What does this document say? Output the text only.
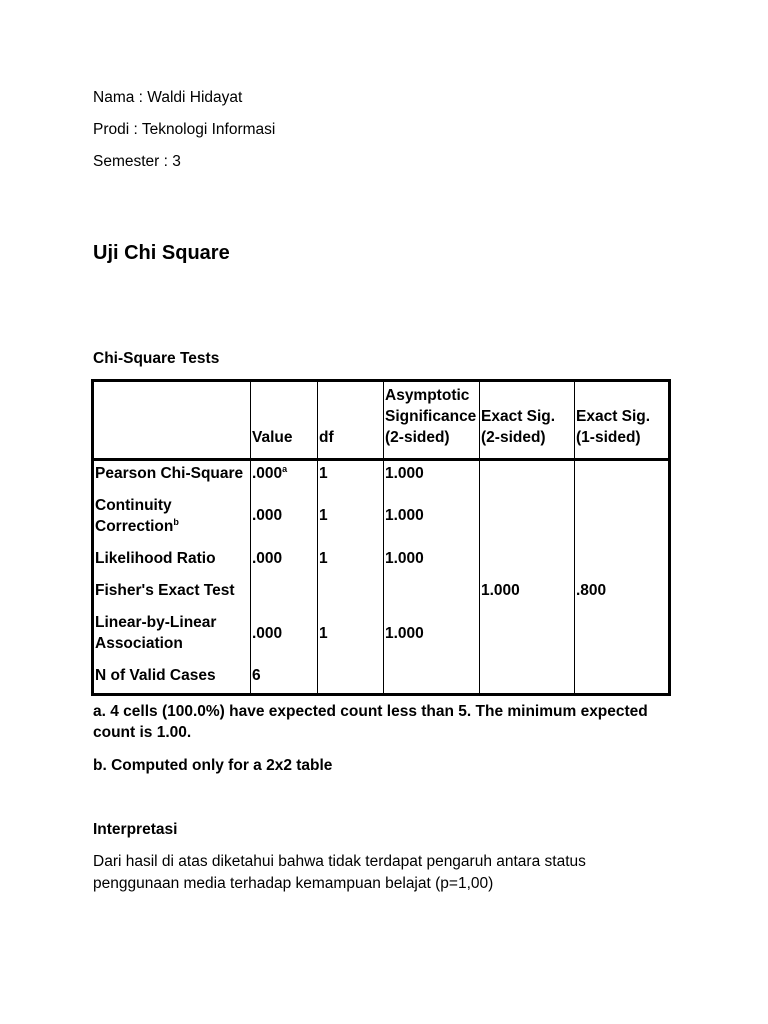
Nama : Waldi Hidayat
Prodi : Teknologi Informasi
Semester : 3
Uji Chi Square
Chi-Square Tests
	Value	df	Asymptotic Significance (2-sided)	Exact Sig. (2-sided)	Exact Sig. (1-sided)
Pearson Chi-Square	.000$^a$	1	1.000		
Continuity Correction$^b$	.000	1	1.000		
Likelihood Ratio	.000	1	1.000		
Fisher's Exact Test				1.000	.800
Linear-by-Linear Association	.000	1	1.000		
N of Valid Cases	6				
a. 4 cells (100.0%) have expected count less than 5. The minimum expected count is 1.00.
b. Computed only for a 2x2 table
Interpretasi
Dari hasil di atas diketahui bahwa tidak terdapat pengaruh antara status penggunaan media terhadap kemampuan belajat (p=1,00)
